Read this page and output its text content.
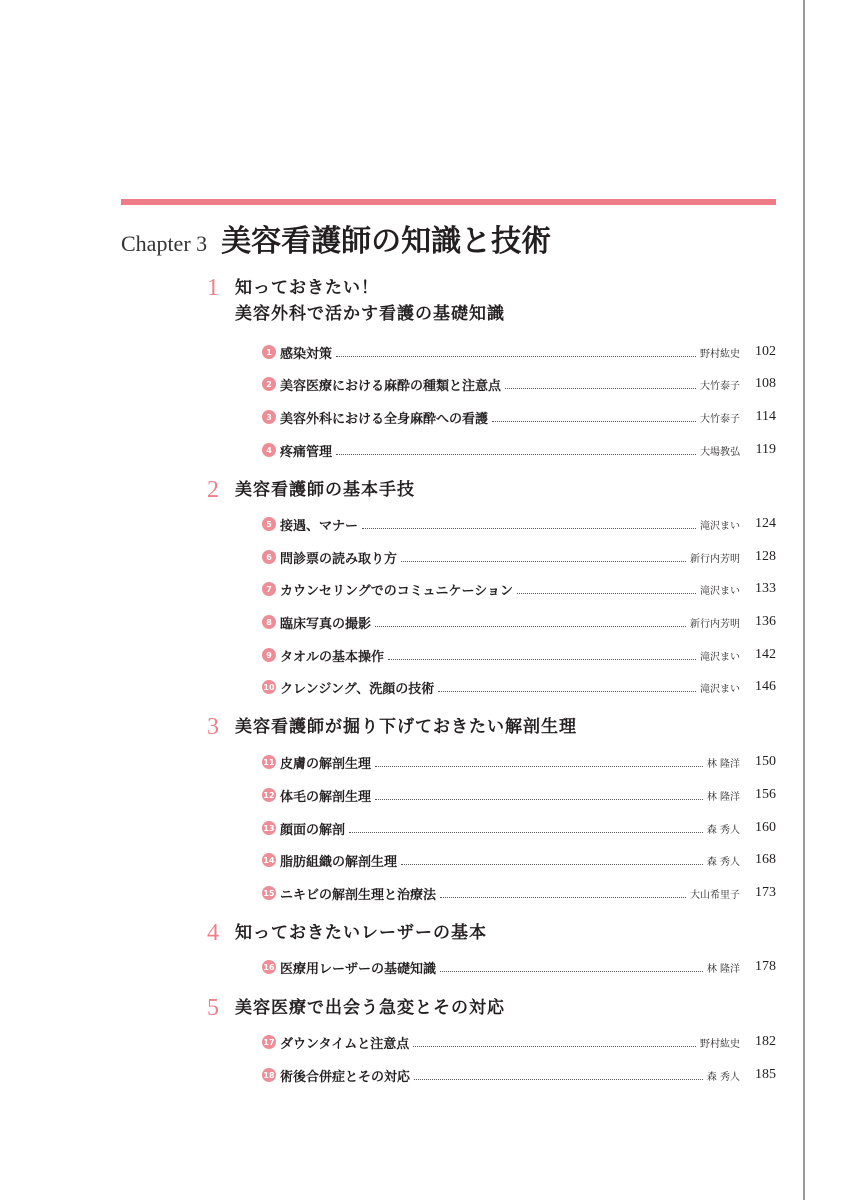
Chapter 3 美容看護師の知識と技術
1 知っておきたい！
美容外科で活かす看護の基礎知識
1 感染対策	野村紘史 102
2 美容医療における麻酔の種類と注意点	大竹泰子 108
3 美容外科における全身麻酔への看護	大竹泰子 114
4 疼痛管理	大場教弘 119
2 美容看護師の基本手技
5 接遇、マナー	滝沢まい 124
6 問診票の読み取り方	新行内芳明 128
7 カウンセリングでのコミュニケーション	滝沢まい 133
8 臨床写真の撮影	新行内芳明 136
9 タオルの基本操作	滝沢まい 142
10 クレンジング、洗顔の技術	滝沢まい 146
3 美容看護師が掘り下げておきたい解剖生理
11 皮膚の解剖生理	林 隆洋 150
12 体毛の解剖生理	林 隆洋 156
13 顔面の解剖	森 秀人 160
14 脂肪組織の解剖生理	森 秀人 168
15 ニキビの解剖生理と治療法	大山希里子 173
4 知っておきたいレーザーの基本
16 医療用レーザーの基礎知識	林 隆洋 178
5 美容医療で出会う急変とその対応
17 ダウンタイムと注意点	野村紘史 182
18 術後合併症とその対応	森 秀人 185
